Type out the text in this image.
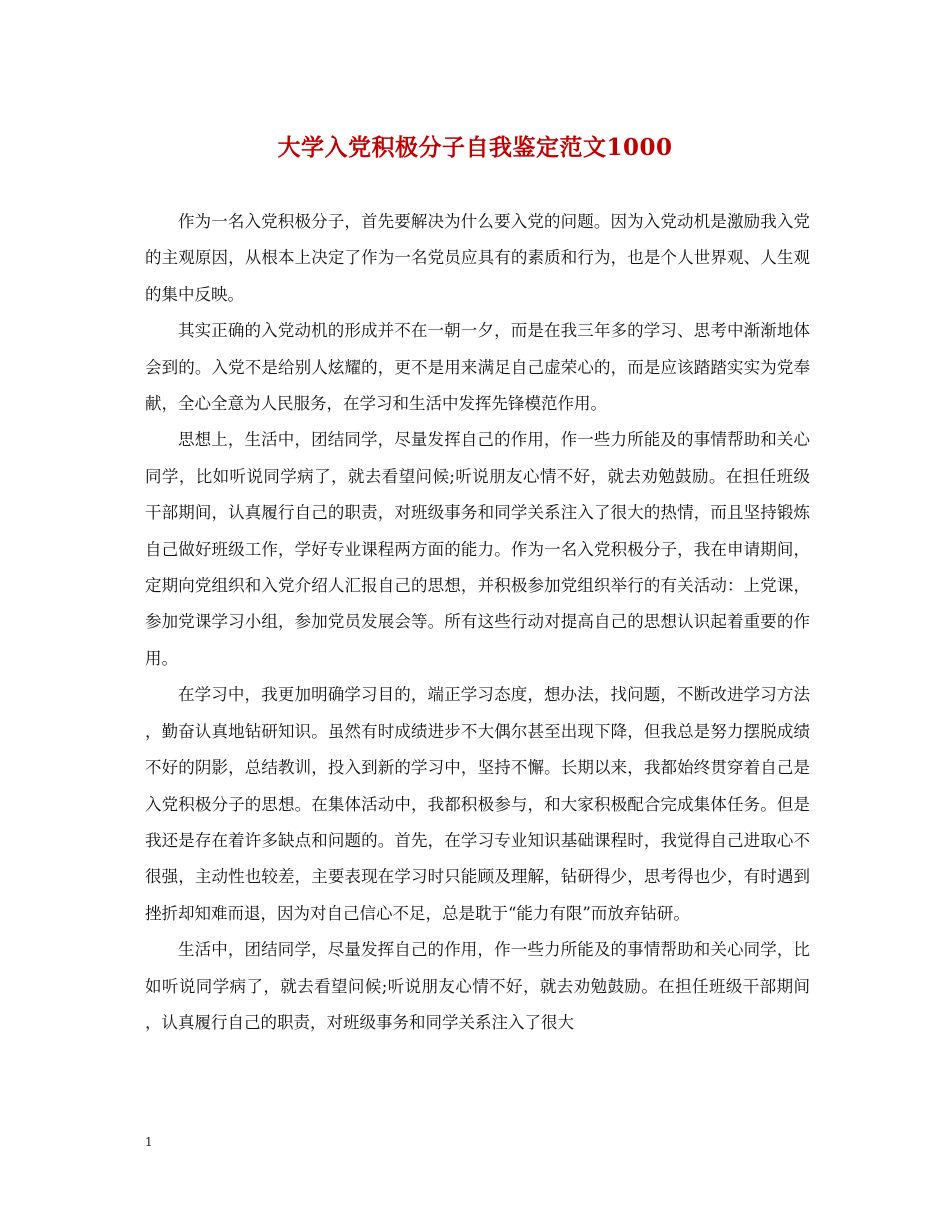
大学入党积极分子自我鉴定范文1000

作为一名入党积极分子，首先要解决为什么要入党的问题。因为入党动机是激励我入党的主观原因，从根本上决定了作为一名党员应具有的素质和行为，也是个人世界观、人生观的集中反映。

其实正确的入党动机的形成并不在一朝一夕，而是在我三年多的学习、思考中渐渐地体会到的。入党不是给别人炫耀的，更不是用来满足自己虚荣心的，而是应该踏踏实实为党奉献，全心全意为人民服务，在学习和生活中发挥先锋模范作用。

思想上，生活中，团结同学，尽量发挥自己的作用，作一些力所能及的事情帮助和关心同学，比如听说同学病了，就去看望问候;听说朋友心情不好，就去劝勉鼓励。在担任班级干部期间，认真履行自己的职责，对班级事务和同学关系注入了很大的热情，而且坚持锻炼自己做好班级工作，学好专业课程两方面的能力。作为一名入党积极分子，我在申请期间，定期向党组织和入党介绍人汇报自己的思想，并积极参加党组织举行的有关活动：上党课，参加党课学习小组，参加党员发展会等。所有这些行动对提高自己的思想认识起着重要的作用。

在学习中，我更加明确学习目的，端正学习态度，想办法，找问题，不断改进学习方法，勤奋认真地钻研知识。虽然有时成绩进步不大偶尔甚至出现下降，但我总是努力摆脱成绩不好的阴影，总结教训，投入到新的学习中，坚持不懈。长期以来，我都始终贯穿着自己是入党积极分子的思想。在集体活动中，我都积极参与，和大家积极配合完成集体任务。但是我还是存在着许多缺点和问题的。首先，在学习专业知识基础课程时，我觉得自己进取心不很强，主动性也较差，主要表现在学习时只能顾及理解，钻研得少，思考得也少，有时遇到挫折却知难而退，因为对自己信心不足，总是耽于“能力有限”而放弃钻研。

生活中，团结同学，尽量发挥自己的作用，作一些力所能及的事情帮助和关心同学，比如听说同学病了，就去看望问候;听说朋友心情不好，就去劝勉鼓励。在担任班级干部期间，认真履行自己的职责，对班级事务和同学关系注入了很大

1
